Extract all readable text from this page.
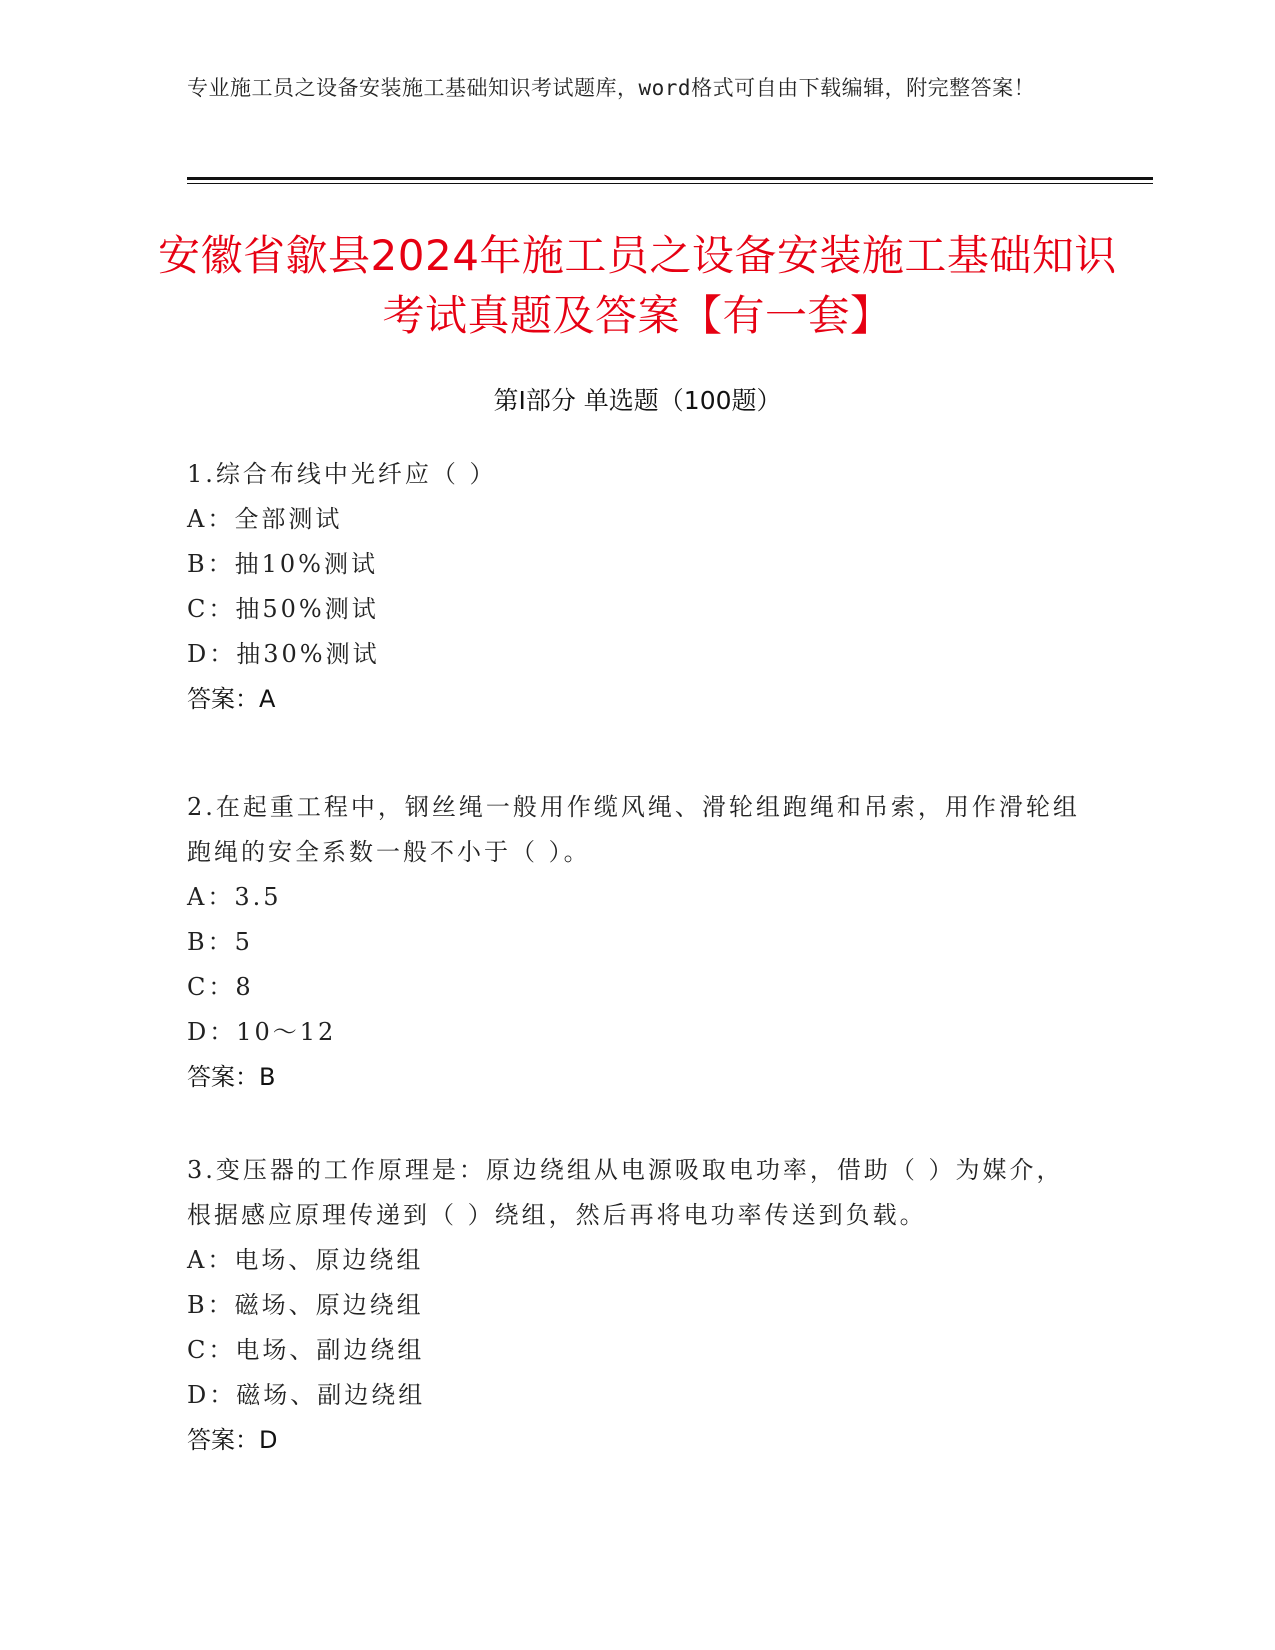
专业施工员之设备安装施工基础知识考试题库，word格式可自由下载编辑，附完整答案！
安徽省歙县2024年施工员之设备安装施工基础知识考试真题及答案【有一套】
第Ⅰ部分 单选题（100题）

1.综合布线中光纤应（ ）

A：全部测试

B：抽10%测试

C：抽50%测试

D：抽30%测试

答案：A

2.在起重工程中，钢丝绳一般用作缆风绳、滑轮组跑绳和吊索，用作滑轮组跑绳的安全系数一般不小于（ ）。

A：3.5

B：5

C：8

D：10～12

答案：B

3.变压器的工作原理是：原边绕组从电源吸取电功率，借助（ ）为媒介，根据感应原理传递到（ ）绕组，然后再将电功率传送到负载。

A：电场、原边绕组

B：磁场、原边绕组

C：电场、副边绕组

D：磁场、副边绕组

答案：D
